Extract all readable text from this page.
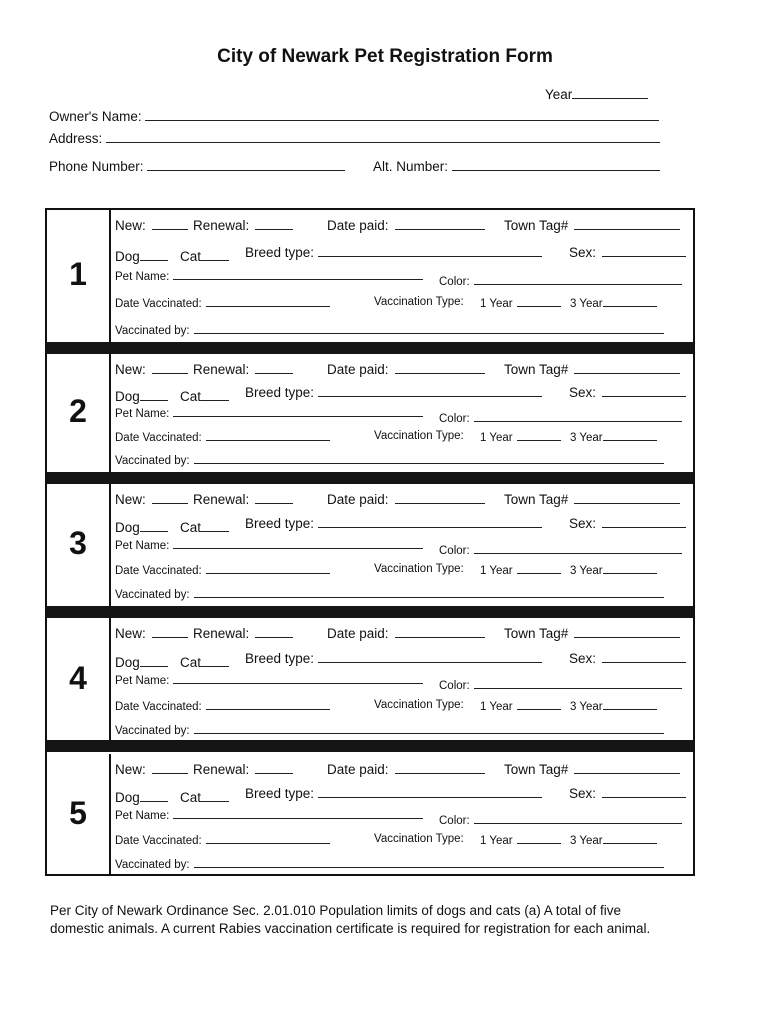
City of Newark Pet Registration Form
Year
Owner's Name:
Address:
Phone Number:	Alt. Number:
1
New:	Renewal:	Date paid:	Town Tag#
Dog	Cat	Breed type:	Sex:
Pet Name:	Color:
Date Vaccinated:	Vaccination Type: 1 Year	3 Year
Vaccinated by:
2
New:	Renewal:	Date paid:	Town Tag#
Dog	Cat	Breed type:	Sex:
Pet Name:	Color:
Date Vaccinated:	Vaccination Type: 1 Year	3 Year
Vaccinated by:
3
New:	Renewal:	Date paid:	Town Tag#
Dog	Cat	Breed type:	Sex:
Pet Name:	Color:
Date Vaccinated:	Vaccination Type: 1 Year	3 Year
Vaccinated by:
4
New:	Renewal:	Date paid:	Town Tag#
Dog	Cat	Breed type:	Sex:
Pet Name:	Color:
Date Vaccinated:	Vaccination Type: 1 Year	3 Year
Vaccinated by:
5
New:	Renewal:	Date paid:	Town Tag#
Dog	Cat	Breed type:	Sex:
Pet Name:	Color:
Date Vaccinated:	Vaccination Type: 1 Year	3 Year
Vaccinated by:
Per City of Newark Ordinance Sec. 2.01.010 Population limits of dogs and cats (a) A total of five
domestic animals. A current Rabies vaccination certificate is required for registration for each animal.
